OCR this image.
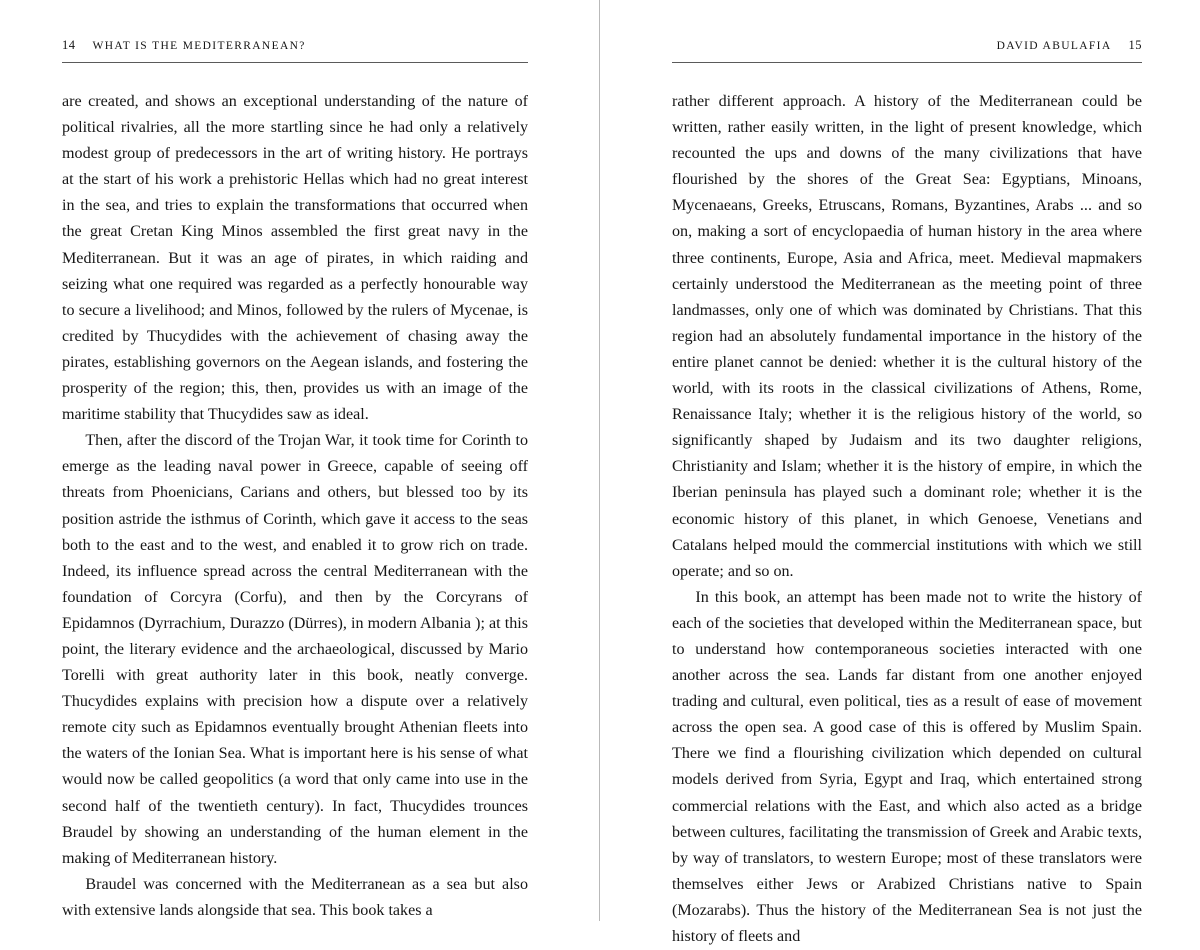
14 WHAT IS THE MEDITERRANEAN?

are created, and shows an exceptional understanding of the nature of political rivalries, all the more startling since he had only a relatively modest group of predecessors in the art of writing history. He portrays at the start of his work a prehistoric Hellas which had no great interest in the sea, and tries to explain the transformations that occurred when the great Cretan King Minos assembled the first great navy in the Mediterranean. But it was an age of pirates, in which raiding and seizing what one required was regarded as a perfectly honourable way to secure a livelihood; and Minos, followed by the rulers of Mycenae, is credited by Thucydides with the achievement of chasing away the pirates, establishing governors on the Aegean islands, and fostering the prosperity of the region; this, then, provides us with an image of the maritime stability that Thucydides saw as ideal.

Then, after the discord of the Trojan War, it took time for Corinth to emerge as the leading naval power in Greece, capable of seeing off threats from Phoenicians, Carians and others, but blessed too by its position astride the isthmus of Corinth, which gave it access to the seas both to the east and to the west, and enabled it to grow rich on trade. Indeed, its influence spread across the central Mediterranean with the foundation of Corcyra (Corfu), and then by the Corcyrans of Epidamnos (Dyrrachium, Durazzo (Dürres), in modern Albania ); at this point, the literary evidence and the archaeological, discussed by Mario Torelli with great authority later in this book, neatly converge. Thucydides explains with precision how a dispute over a relatively remote city such as Epidamnos eventually brought Athenian fleets into the waters of the Ionian Sea. What is important here is his sense of what would now be called geopolitics (a word that only came into use in the second half of the twentieth century). In fact, Thucydides trounces Braudel by showing an understanding of the human element in the making of Mediterranean history.

Braudel was concerned with the Mediterranean as a sea but also with extensive lands alongside that sea. This book takes a

DAVID ABULAFIA 15

rather different approach. A history of the Mediterranean could be written, rather easily written, in the light of present knowledge, which recounted the ups and downs of the many civilizations that have flourished by the shores of the Great Sea: Egyptians, Minoans, Mycenaeans, Greeks, Etruscans, Romans, Byzantines, Arabs ... and so on, making a sort of encyclopaedia of human history in the area where three continents, Europe, Asia and Africa, meet. Medieval mapmakers certainly understood the Mediterranean as the meeting point of three landmasses, only one of which was dominated by Christians. That this region had an absolutely fundamental importance in the history of the entire planet cannot be denied: whether it is the cultural history of the world, with its roots in the classical civilizations of Athens, Rome, Renaissance Italy; whether it is the religious history of the world, so significantly shaped by Judaism and its two daughter religions, Christianity and Islam; whether it is the history of empire, in which the Iberian peninsula has played such a dominant role; whether it is the economic history of this planet, in which Genoese, Venetians and Catalans helped mould the commercial institutions with which we still operate; and so on.

In this book, an attempt has been made not to write the history of each of the societies that developed within the Mediterranean space, but to understand how contemporaneous societies interacted with one another across the sea. Lands far distant from one another enjoyed trading and cultural, even political, ties as a result of ease of movement across the open sea. A good case of this is offered by Muslim Spain. There we find a flourishing civilization which depended on cultural models derived from Syria, Egypt and Iraq, which entertained strong commercial relations with the East, and which also acted as a bridge between cultures, facilitating the transmission of Greek and Arabic texts, by way of translators, to western Europe; most of these translators were themselves either Jews or Arabized Christians native to Spain (Mozarabs). Thus the history of the Mediterranean Sea is not just the history of fleets and
